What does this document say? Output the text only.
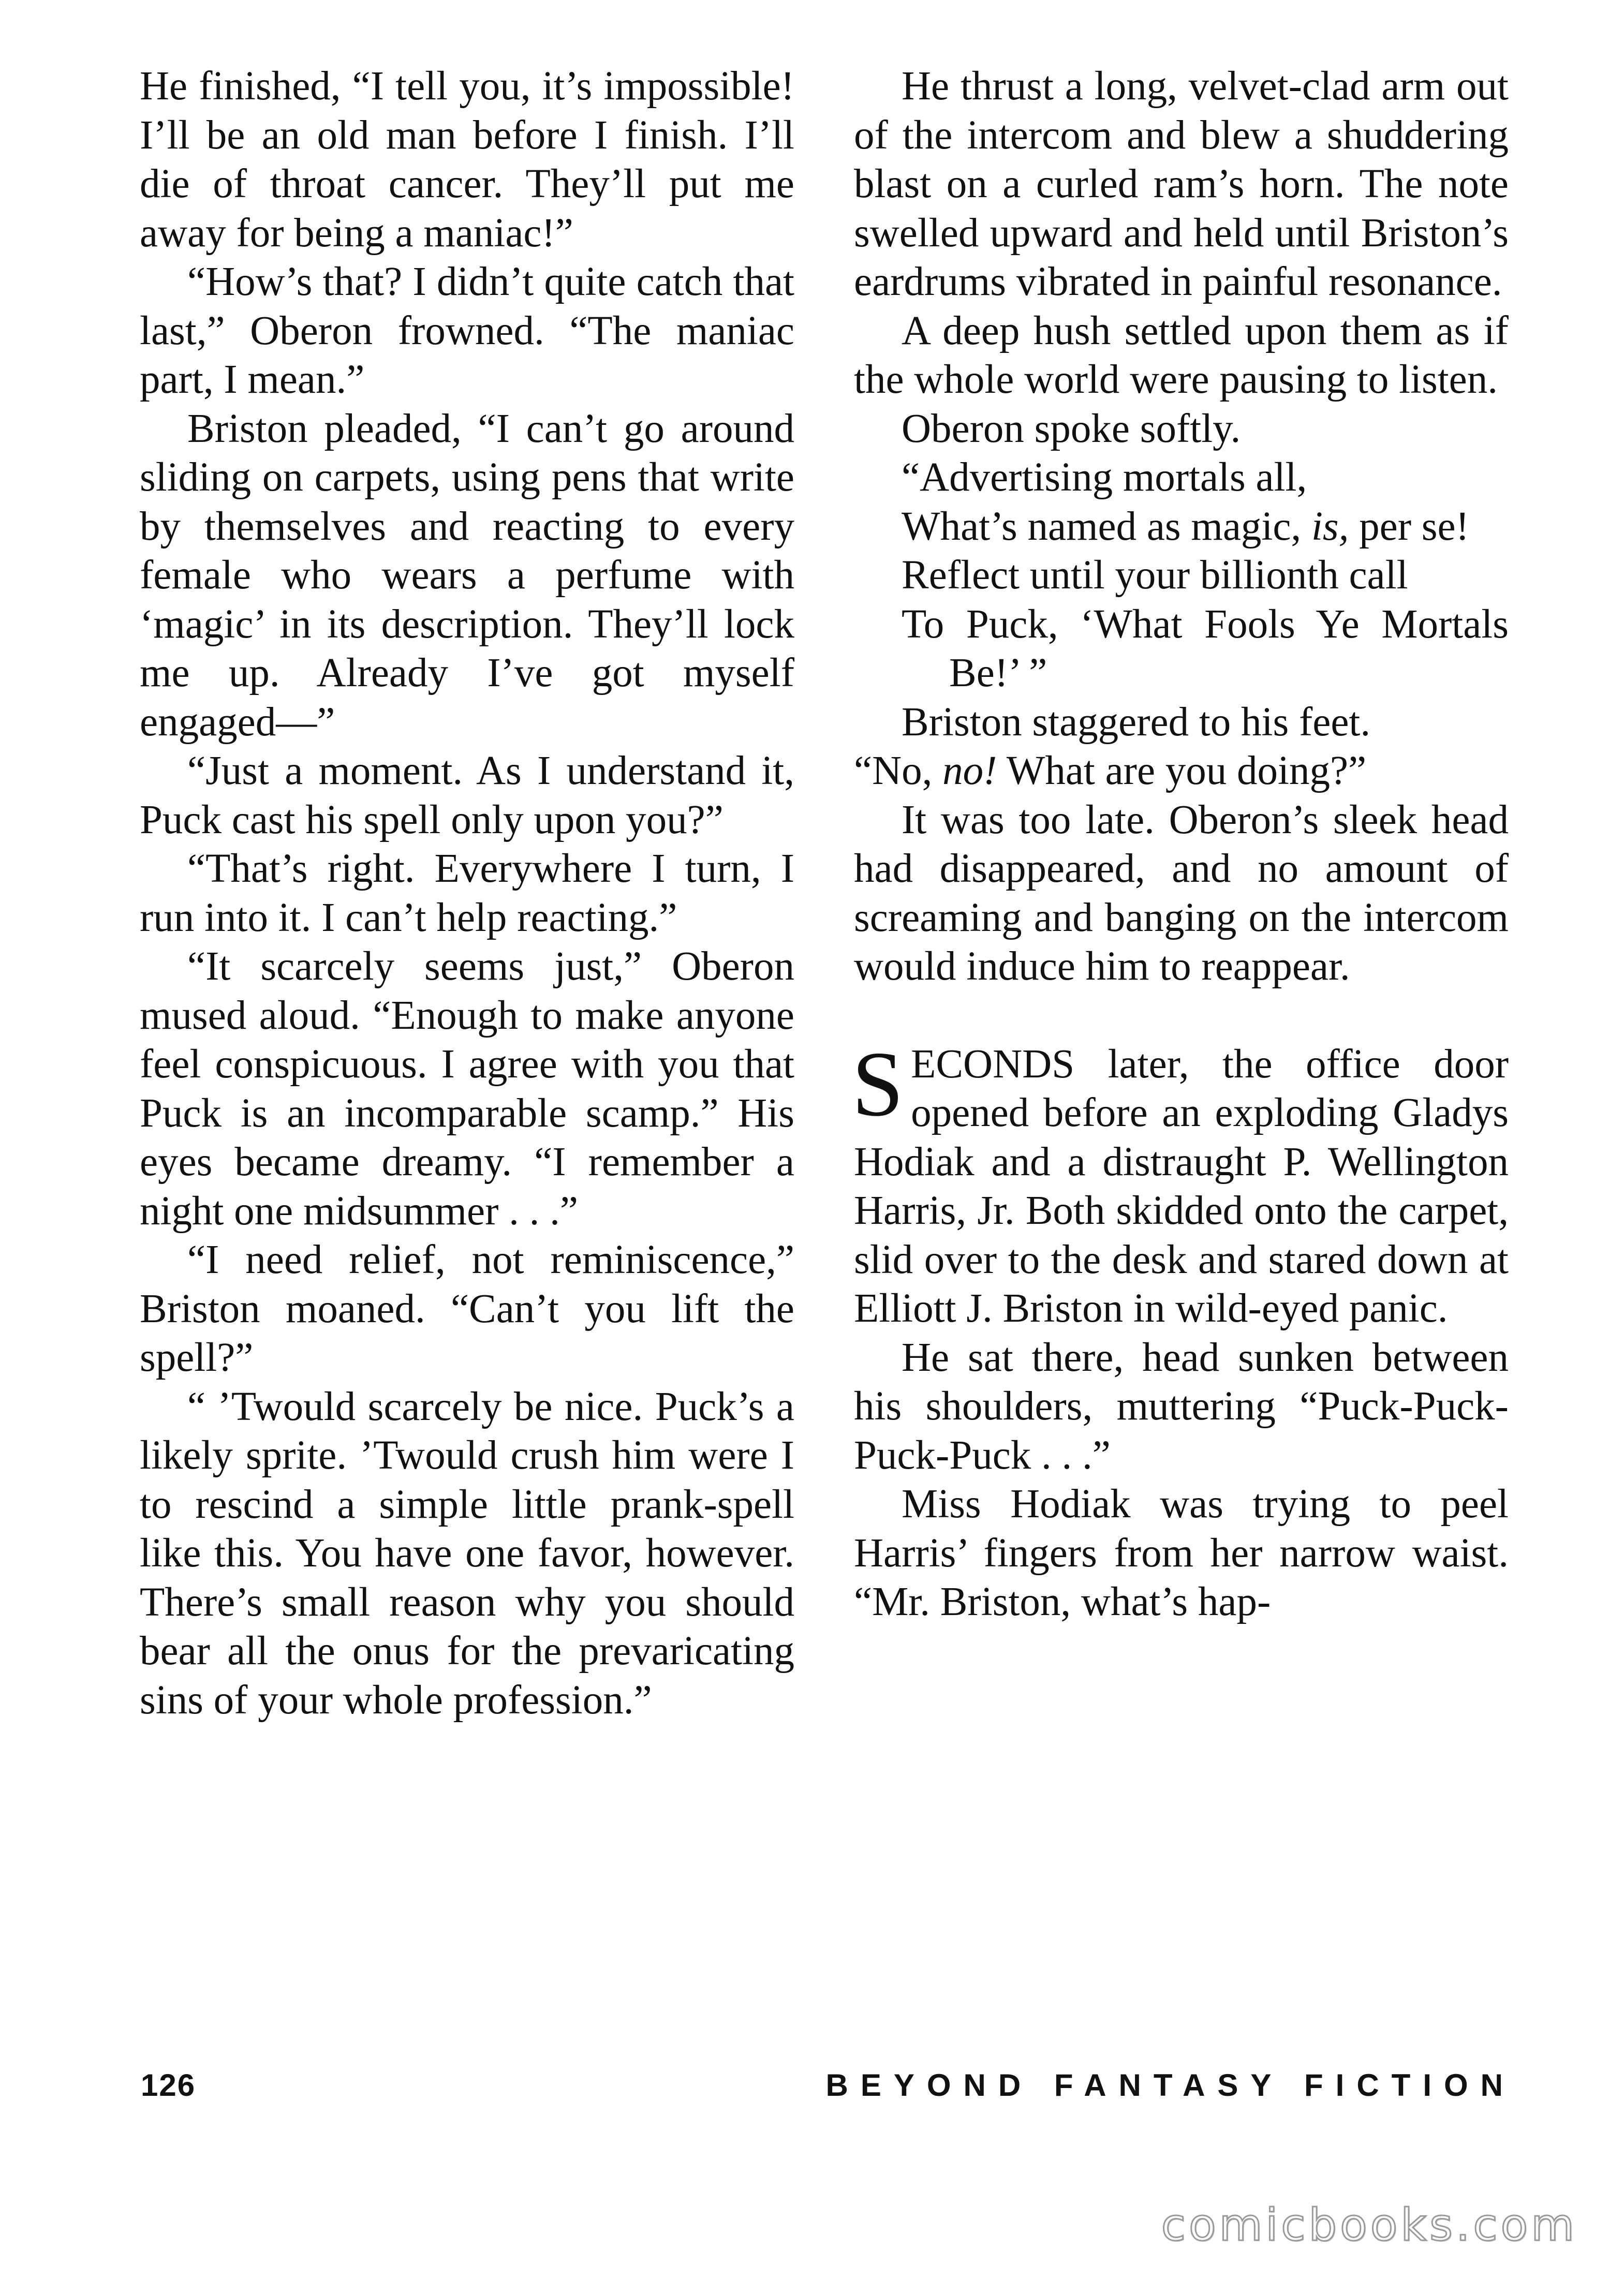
He finished, “I tell you, it’s impossible! I’ll be an old man before I finish. I’ll die of throat cancer. They’ll put me away for being a maniac!”

“How’s that? I didn’t quite catch that last,” Oberon frowned. “The maniac part, I mean.”

Briston pleaded, “I can’t go around sliding on carpets, using pens that write by themselves and reacting to every female who wears a perfume with ‘magic’ in its description. They’ll lock me up. Already I’ve got myself engaged—”

“Just a moment. As I understand it, Puck cast his spell only upon you?”

“That’s right. Everywhere I turn, I run into it. I can’t help reacting.”

“It scarcely seems just,” Oberon mused aloud. “Enough to make anyone feel conspicuous. I agree with you that Puck is an incomparable scamp.” His eyes became dreamy. “I remember a night one midsummer . . .”

“I need relief, not reminiscence,” Briston moaned. “Can’t you lift the spell?”

“ ’Twould scarcely be nice. Puck’s a likely sprite. ’Twould crush him were I to rescind a simple little prank-spell like this. You have one favor, however. There’s small reason why you should bear all the onus for the prevaricating sins of your whole profession.”

He thrust a long, velvet-clad arm out of the intercom and blew a shuddering blast on a curled ram’s horn. The note swelled upward and held until Briston’s eardrums vibrated in painful resonance.

A deep hush settled upon them as if the whole world were pausing to listen.

Oberon spoke softly.

“Advertising mortals all,
What’s named as magic, is, per se!
Reflect until your billionth call
To Puck, ‘What Fools Ye Mortals Be!’ ”

Briston staggered to his feet.

“No, no! What are you doing?”

It was too late. Oberon’s sleek head had disappeared, and no amount of screaming and banging on the intercom would induce him to reappear.

SECONDS later, the office door opened before an exploding Gladys Hodiak and a distraught P. Wellington Harris, Jr. Both skidded onto the carpet, slid over to the desk and stared down at Elliott J. Briston in wild-eyed panic.

He sat there, head sunken between his shoulders, muttering “Puck-Puck-Puck-Puck . . .”

Miss Hodiak was trying to peel Harris’ fingers from her narrow waist. “Mr. Briston, what’s hap-

126	BEYOND FANTASY FICTION
comicbooks.com
